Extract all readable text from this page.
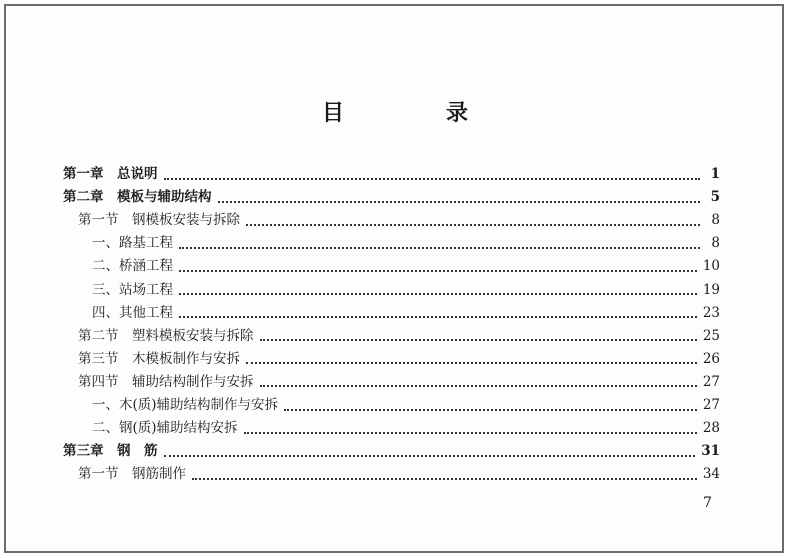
目　录
第一章　总说明	1
第二章　模板与辅助结构	5
第一节　钢模板安装与拆除	8
一、路基工程	8
二、桥涵工程	10
三、站场工程	19
四、其他工程	23
第二节　塑料模板安装与拆除	25
第三节　木模板制作与安拆	26
第四节　辅助结构制作与安拆	27
一、木(质)辅助结构制作与安拆	27
二、钢(质)辅助结构安拆	28
第三章　钢　筋	31
第一节　钢筋制作	34
7
